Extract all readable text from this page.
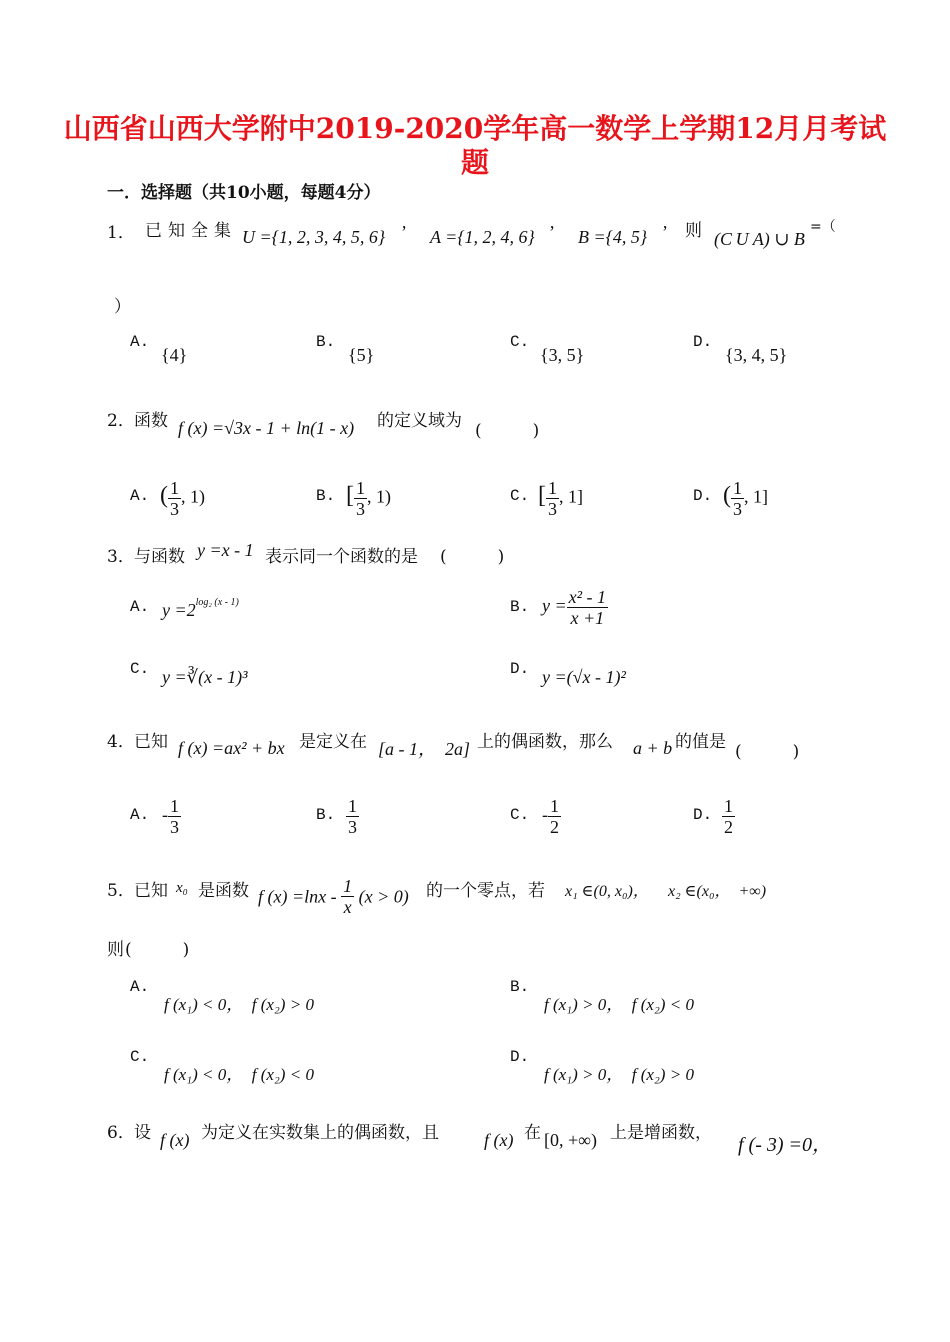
山西省山西大学附中2019-2020学年高一数学上学期12月月考试题
一．选择题（共10小题，每题4分）
1． 已知全集 U ={1, 2, 3, 4, 5, 6} ’ A ={1, 2, 4, 6} ’ B ={4, 5} ’ 则 (C U A) ∪ B
=（
）
A.
{4}
B.
{5}
C.
{3, 5}
D.
{3, 4, 5}
2． 函数 f (x) =√3x - 1 + ln(1 - x) 的定义域为 (　　　)
A. ( $\frac{1}{3}$ , 1)	B. [ $\frac{1}{3}$ , 1)	C. [ $\frac{1}{3}$ , 1]	D. ( $\frac{1}{3}$ , 1]
3． 与函数 y =x - 1 表示同一个函数的是 (　　　)
A. $y =2^{log_2 (x - 1)}$	B. $y = \frac{\text{x² - 1}}{x +1}$
C. y =∛(x - 1)³	D. y =(√x - 1)²
4． 已知 f (x) =ax² + bx 是定义在 [a - 1，　2a] 上的偶函数，那么 a + b 的值是 (　　　)
A. - $\frac{1}{3}$	B. $\frac{1}{3}$	C. - $\frac{1}{2}$	D. $\frac{1}{2}$
5． 已知 x₀ 是函数 f $(x) =\ln x - \frac{1}{x} (x > 0)$ 的一个零点，若 x₁ ∈(0, x₀)， x₂ ∈(x₀，　+∞)
则 (　　　)
A.
f (x₁) < 0，　f (x₂) > 0
B.
f (x₁) > 0，　f (x₂) < 0
C.
f (x₁) < 0，　f (x₂) < 0
D.
f (x₁) > 0，　f (x₂) > 0
6． 设 f (x) 为定义在实数集上的偶函数，且	f (x) 在 [0, +∞) 上是增函数，
f (- 3) =0，
